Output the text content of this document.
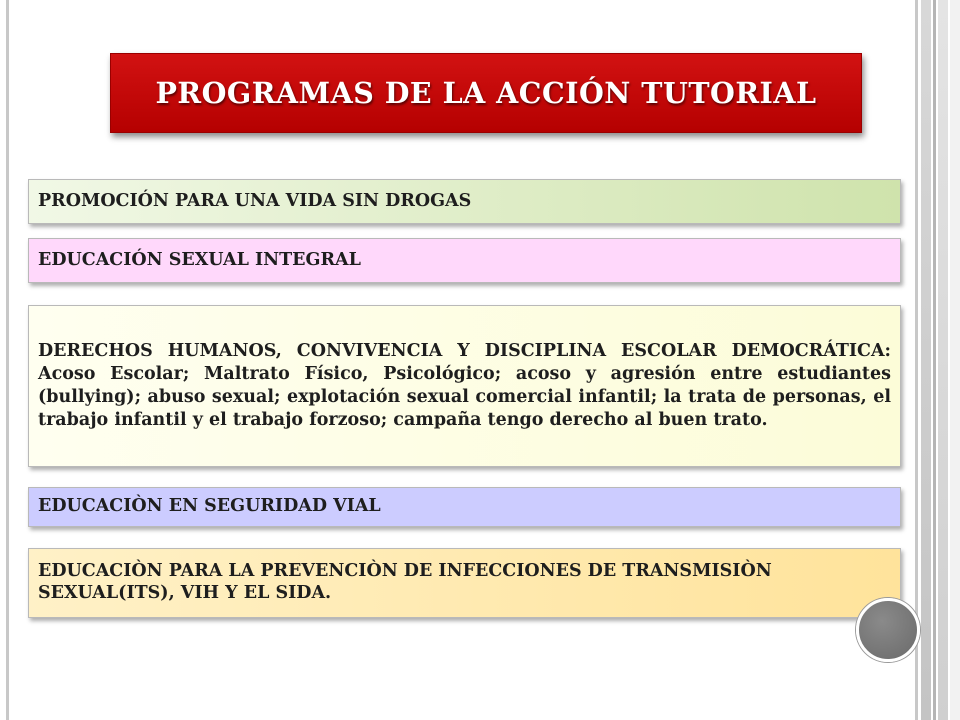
PROGRAMAS DE LA ACCIÓN TUTORIAL
PROMOCIÓN PARA UNA VIDA SIN DROGAS
EDUCACIÓN SEXUAL INTEGRAL
DERECHOS HUMANOS, CONVIVENCIA Y DISCIPLINA ESCOLAR DEMOCRÁTICA: Acoso Escolar; Maltrato Físico, Psicológico; acoso y agresión entre estudiantes (bullying); abuso sexual; explotación sexual comercial infantil; la trata de personas, el trabajo infantil y el trabajo forzoso; campaña tengo derecho al buen trato.
EDUCACIÒN EN SEGURIDAD VIAL
EDUCACIÒN PARA LA PREVENCIÒN DE INFECCIONES DE TRANSMISIÒN SEXUAL(ITS), VIH Y EL SIDA.
